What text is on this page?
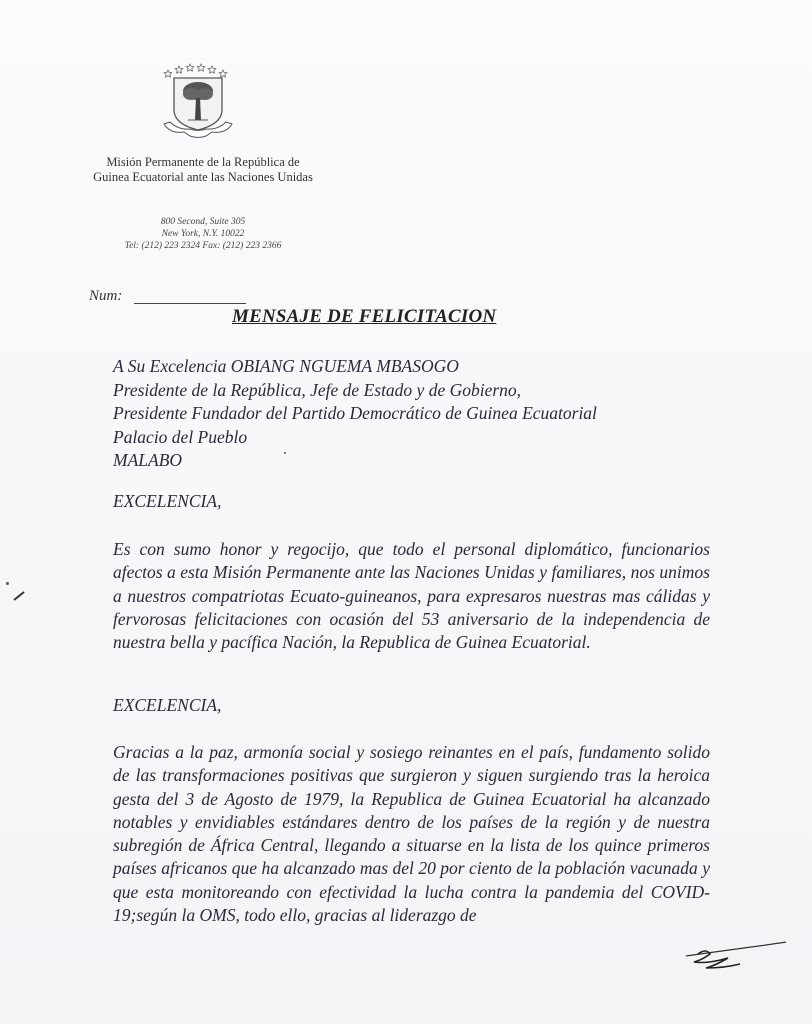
Misión Permanente de la República de Guinea Ecuatorial ante las Naciones Unidas
800 Second, Suite 305
New York, N.Y. 10022
Tel: (212) 223 2324 Fax: (212) 223 2366
Num:
MENSAJE DE FELICITACION
A Su Excelencia OBIANG NGUEMA MBASOGO
Presidente de la República, Jefe de Estado y de Gobierno,
Presidente Fundador del Partido Democrático de Guinea Ecuatorial
Palacio del Pueblo
MALABO
EXCELENCIA,
Es con sumo honor y regocijo, que todo el personal diplomático, funcionarios afectos a esta Misión Permanente ante las Naciones Unidas y familiares, nos unimos a nuestros compatriotas Ecuato-guineanos, para expresaros nuestras mas cálidas y fervorosas felicitaciones con ocasión del 53 aniversario de la independencia de nuestra bella y pacífica Nación, la Republica de Guinea Ecuatorial.
EXCELENCIA,
Gracias a la paz, armonía social y sosiego reinantes en el país, fundamento solido de las transformaciones positivas que surgieron y siguen surgiendo tras la heroica gesta del 3 de Agosto de 1979, la Republica de Guinea Ecuatorial ha alcanzado notables y envidiables estándares dentro de los países de la región y de nuestra subregión de África Central, llegando a situarse en la lista de los quince primeros países africanos que ha alcanzado mas del 20 por ciento de la población vacunada y que esta monitoreando con efectividad la lucha contra la pandemia del COVID-19;según la OMS, todo ello, gracias al liderazgo de
